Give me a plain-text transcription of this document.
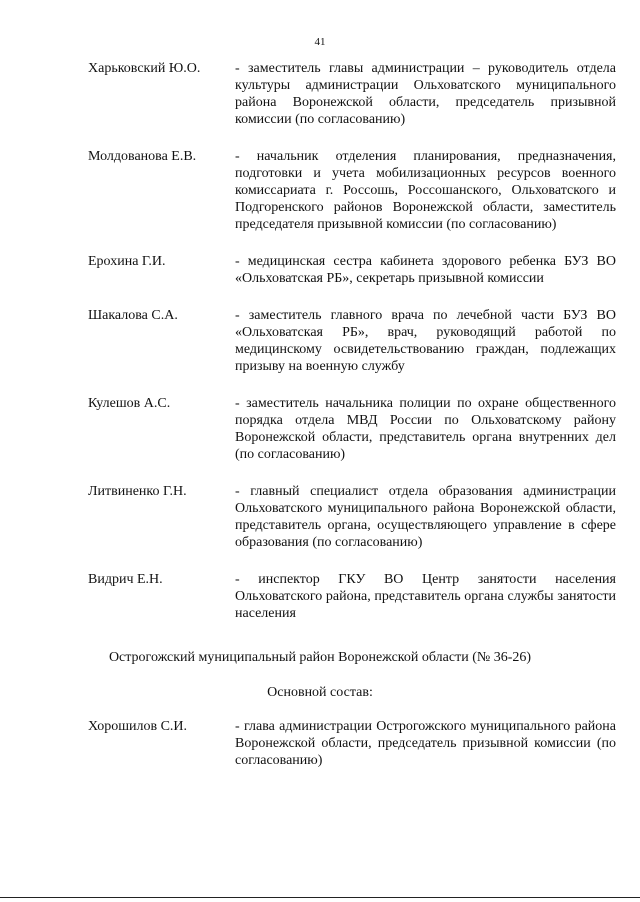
41
Харьковский Ю.О.	- заместитель главы администрации – руководитель отдела культуры администрации Ольховатского муниципального района Воронежской области, председатель призывной комиссии (по согласованию)
Молдованова Е.В.	- начальник отделения планирования, предназначения, подготовки и учета мобилизационных ресурсов военного комиссариата г. Россошь, Россошанского, Ольховатского и Подгоренского районов Воронежской области, заместитель председателя призывной комиссии (по согласованию)
Ерохина Г.И.	- медицинская сестра кабинета здорового ребенка БУЗ ВО «Ольховатская РБ», секретарь призывной комиссии
Шакалова С.А.	- заместитель главного врача по лечебной части БУЗ ВО «Ольховатская РБ», врач, руководящий работой по медицинскому освидетельствованию граждан, подлежащих призыву на военную службу
Кулешов А.С.	- заместитель начальника полиции по охране общественного порядка отдела МВД России по Ольховатскому району Воронежской области, представитель органа внутренних дел (по согласованию)
Литвиненко Г.Н.	- главный специалист отдела образования администрации Ольховатского муниципального района Воронежской области, представитель органа, осуществляющего управление в сфере образования (по согласованию)
Видрич Е.Н.	- инспектор ГКУ ВО Центр занятости населения Ольховатского района, представитель органа службы занятости населения
Острогожский муниципальный район Воронежской области (№ 36-26)
Основной состав:
Хорошилов С.И.	- глава администрации Острогожского муниципального района Воронежской области, председатель призывной комиссии (по согласованию)
